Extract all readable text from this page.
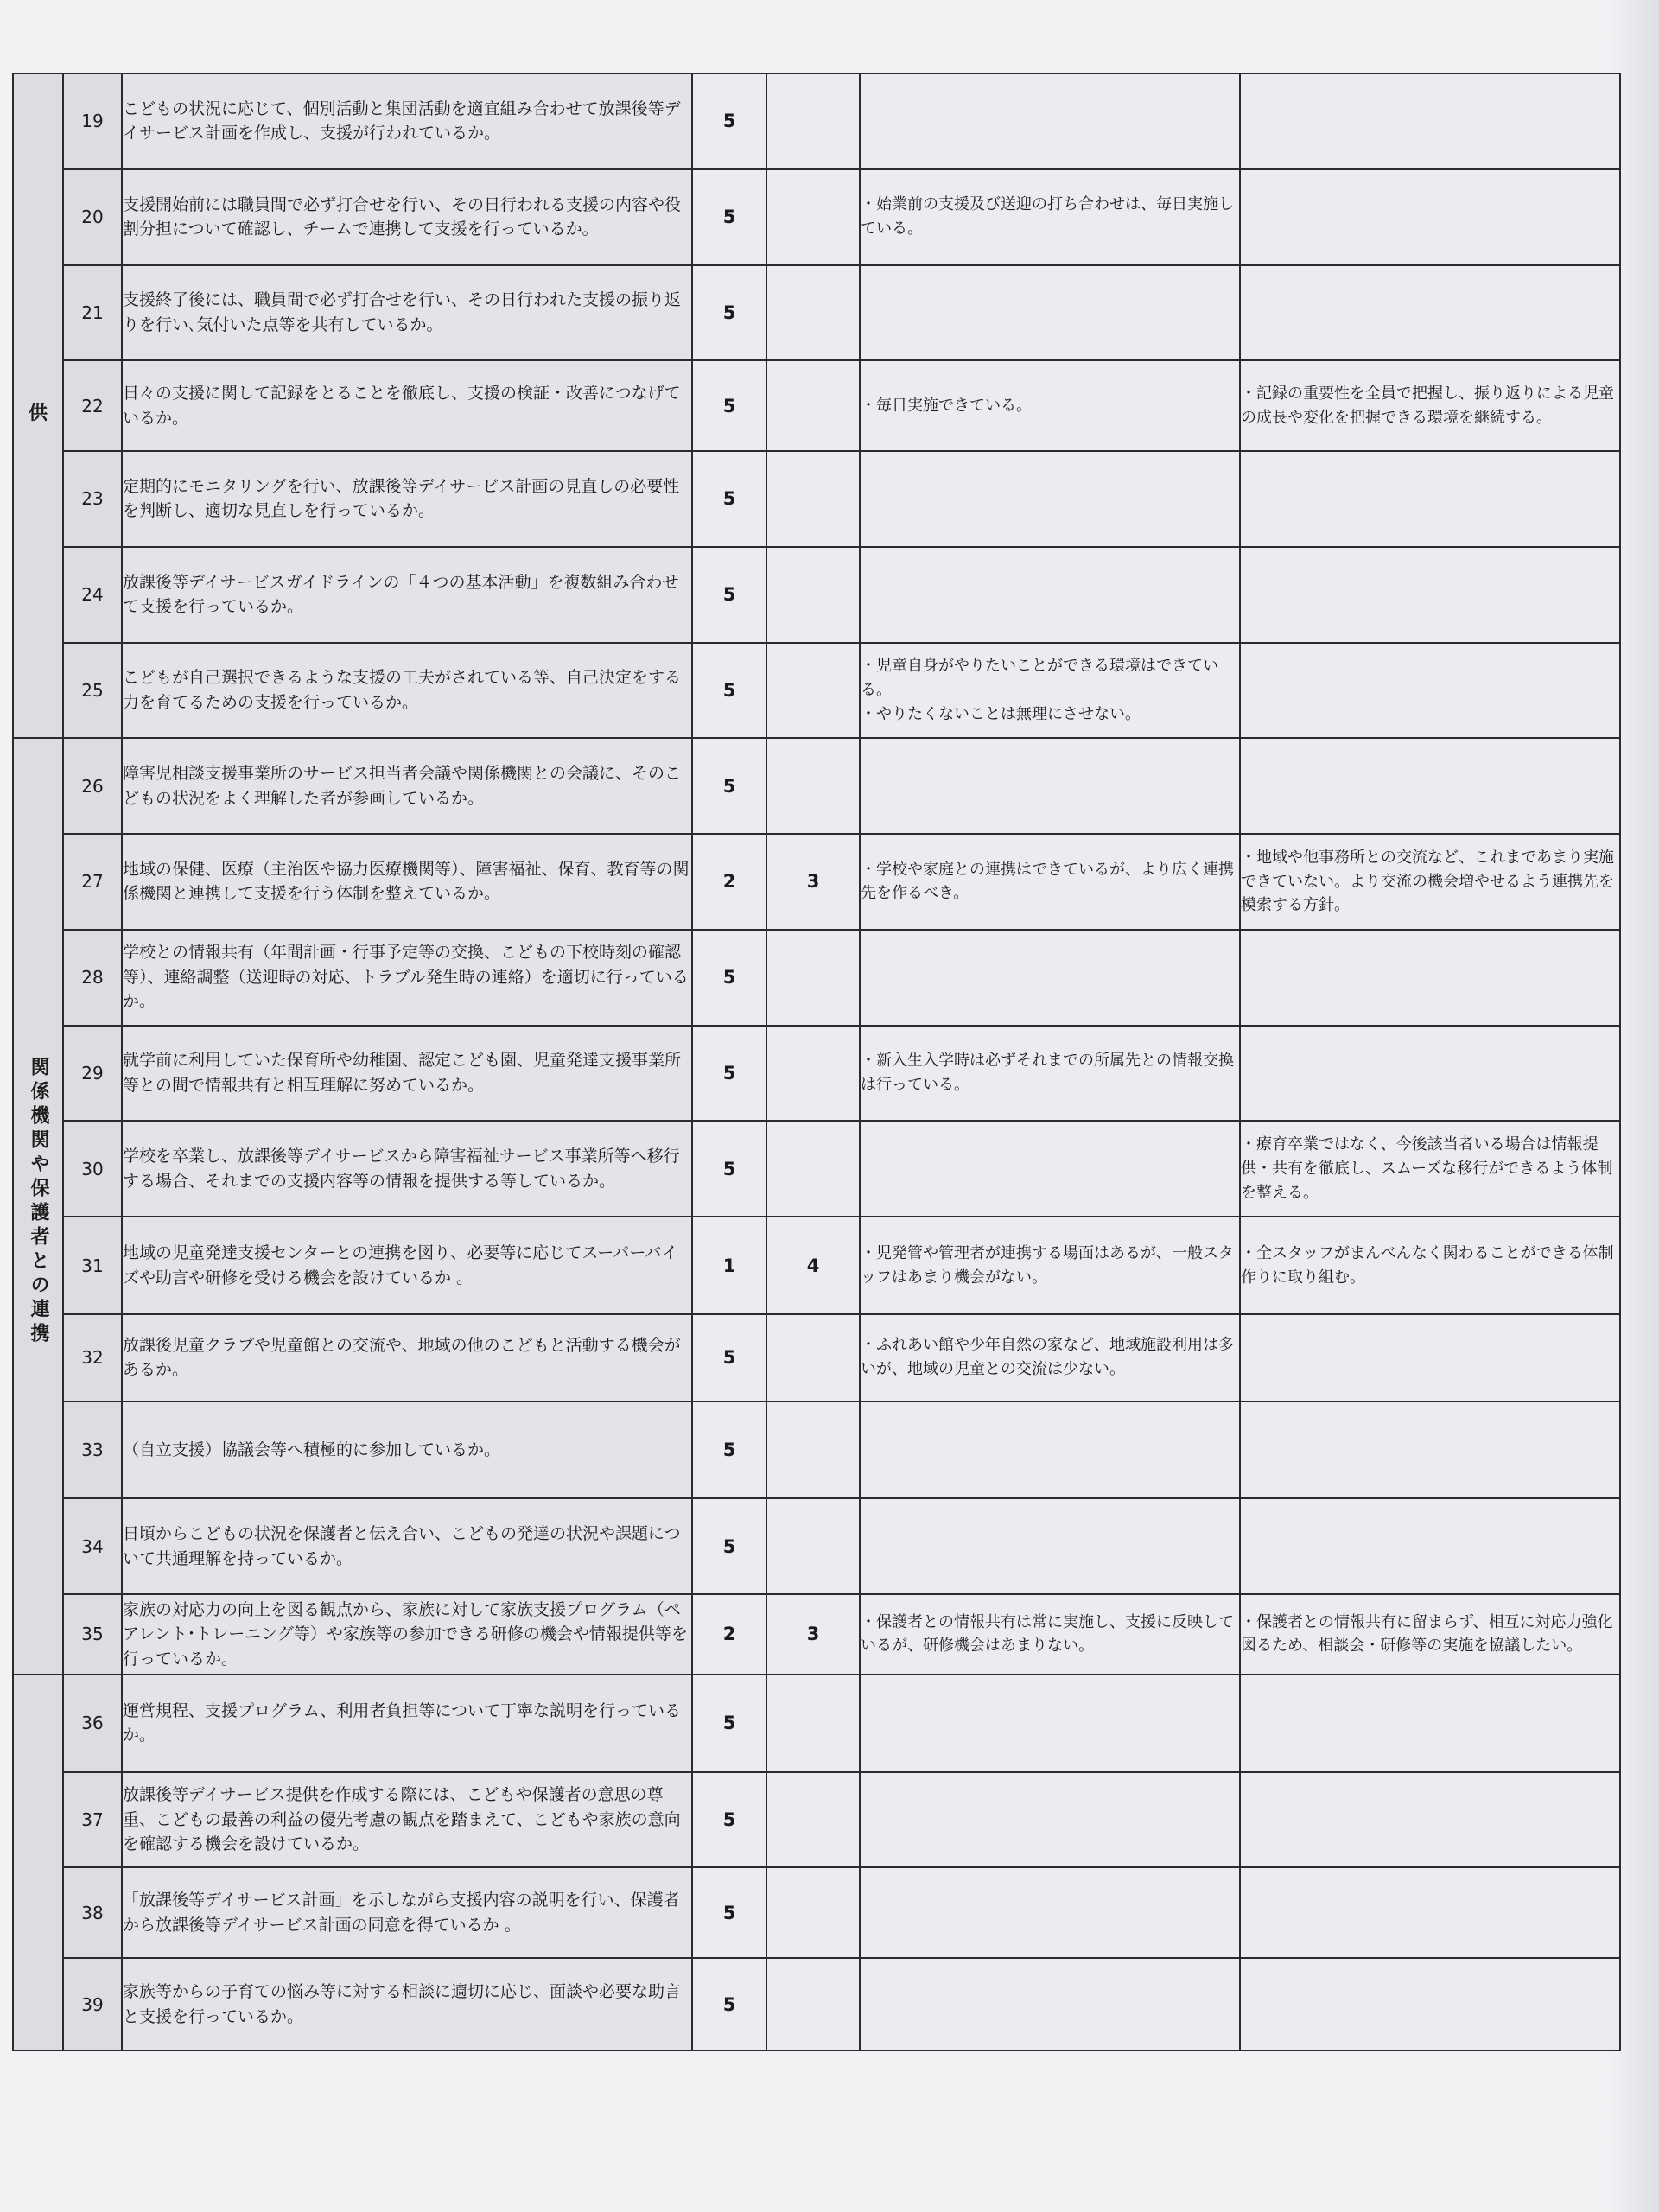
供	19	こどもの状況に応じて、個別活動と集団活動を適宜組み合わせて放課後等デイサービス計画を作成し、支援が行われているか。	5			
	20	支援開始前には職員間で必ず打合せを行い、その日行われる支援の内容や役割分担について確認し、チームで連携して支援を行っているか。	5		・始業前の支援及び送迎の打ち合わせは、毎日実施している。	
	21	支援終了後には、職員間で必ず打合せを行い、その日行われた支援の振り返りを行い､気付いた点等を共有しているか。	5			
	22	日々の支援に関して記録をとることを徹底し、支援の検証・改善につなげているか。	5		・毎日実施できている。	・記録の重要性を全員で把握し、振り返りによる児童の成長や変化を把握できる環境を継続する。
	23	定期的にモニタリングを行い、放課後等デイサービス計画の見直しの必要性を判断し、適切な見直しを行っているか。	5			
	24	放課後等デイサービスガイドラインの「４つの基本活動」を複数組み合わせて支援を行っているか。	5			
	25	こどもが自己選択できるような支援の工夫がされている等、自己決定をする力を育てるための支援を行っているか。	5		・児童自身がやりたいことができる環境はできている。
・やりたくないことは無理にさせない。	
関係機関や保護者との連携	26	障害児相談支援事業所のサービス担当者会議や関係機関との会議に、そのこどもの状況をよく理解した者が参画しているか。	5			
	27	地域の保健、医療（主治医や協力医療機関等）、障害福祉、保育、教育等の関係機関と連携して支援を行う体制を整えているか。	2	3	・学校や家庭との連携はできているが、より広く連携先を作るべき。	・地域や他事務所との交流など、これまであまり実施できていない。より交流の機会増やせるよう連携先を模索する方針。
	28	学校との情報共有（年間計画・行事予定等の交換、こどもの下校時刻の確認等）、連絡調整（送迎時の対応、トラブル発生時の連絡）を適切に行っているか。	5			
	29	就学前に利用していた保育所や幼稚園、認定こども園、児童発達支援事業所等との間で情報共有と相互理解に努めているか。	5		・新入生入学時は必ずそれまでの所属先との情報交換は行っている。	
	30	学校を卒業し、放課後等デイサービスから障害福祉サービス事業所等へ移行する場合、それまでの支援内容等の情報を提供する等しているか。	5			・療育卒業ではなく、今後該当者いる場合は情報提供・共有を徹底し、スムーズな移行ができるよう体制を整える。
	31	地域の児童発達支援センターとの連携を図り、必要等に応じてスーパーバイズや助言や研修を受ける機会を設けているか 。	1	4	・児発管や管理者が連携する場面はあるが、一般スタッフはあまり機会がない。	・全スタッフがまんべんなく関わることができる体制作りに取り組む。
	32	放課後児童クラブや児童館との交流や、地域の他のこどもと活動する機会があるか。	5		・ふれあい館や少年自然の家など、地域施設利用は多いが、地域の児童との交流は少ない。	
	33	（自立支援）協議会等へ積極的に参加しているか。	5			
	34	日頃からこどもの状況を保護者と伝え合い、こどもの発達の状況や課題について共通理解を持っているか。	5			
	35	家族の対応力の向上を図る観点から、家族に対して家族支援プログラム（ペアレント･トレーニング等）や家族等の参加できる研修の機会や情報提供等を行っているか。	2	3	・保護者との情報共有は常に実施し、支援に反映しているが、研修機会はあまりない。	・保護者との情報共有に留まらず、相互に対応力強化図るため、相談会・研修等の実施を協議したい。
	36	運営規程、支援プログラム、利用者負担等について丁寧な説明を行っているか。	5			
	37	放課後等デイサービス提供を作成する際には、こどもや保護者の意思の尊重、こどもの最善の利益の優先考慮の観点を踏まえて、こどもや家族の意向を確認する機会を設けているか。	5			
	38	「放課後等デイサービス計画」を示しながら支援内容の説明を行い、保護者から放課後等デイサービス計画の同意を得ているか 。	5			
	39	家族等からの子育ての悩み等に対する相談に適切に応じ、面談や必要な助言と支援を行っているか。	5			
